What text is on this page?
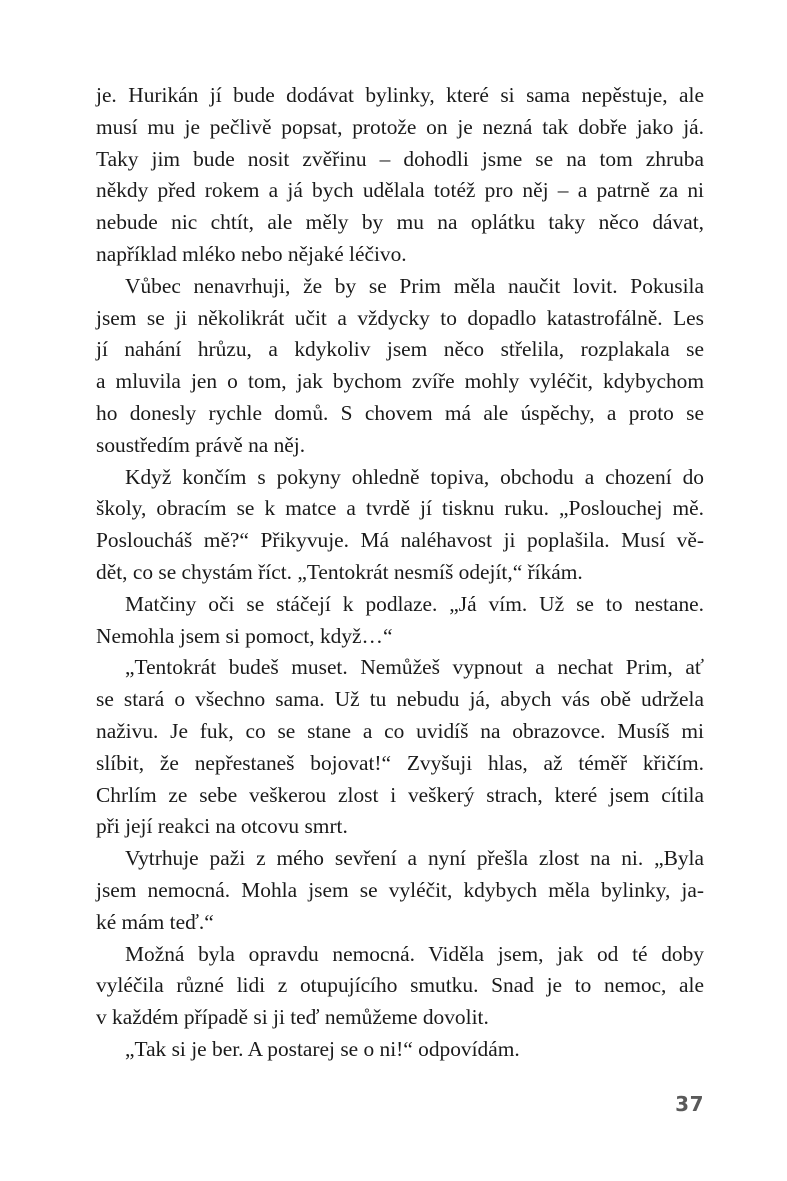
je. Hurikán jí bude dodávat bylinky, které si sama nepěstuje, ale
musí mu je pečlivě popsat, protože on je nezná tak dobře jako já.
Taky jim bude nosit zvěřinu – dohodli jsme se na tom zhruba
někdy před rokem a já bych udělala totéž pro něj – a patrně za ni
nebude nic chtít, ale měly by mu na oplátku taky něco dávat,
například mléko nebo nějaké léčivo.

Vůbec nenavrhuji, že by se Prim měla naučit lovit. Pokusila
jsem se ji několikrát učit a vždycky to dopadlo katastrofálně. Les
jí nahání hrůzu, a kdykoliv jsem něco střelila, rozplakala se
a mluvila jen o tom, jak bychom zvíře mohly vyléčit, kdybychom
ho donesly rychle domů. S chovem má ale úspěchy, a proto se
soustředím právě na něj.

Když končím s pokyny ohledně topiva, obchodu a chození do
školy, obracím se k matce a tvrdě jí tisknu ruku. „Poslouchej mě.
Posloucháš mě?“ Přikyvuje. Má naléhavost ji poplašila. Musí vě-
dět, co se chystám říct. „Tentokrát nesmíš odejít,“ říkám.

Matčiny oči se stáčejí k podlaze. „Já vím. Už se to nestane.
Nemohla jsem si pomoct, když…“

„Tentokrát budeš muset. Nemůžeš vypnout a nechat Prim, ať
se stará o všechno sama. Už tu nebudu já, abych vás obě udržela
naživu. Je fuk, co se stane a co uvidíš na obrazovce. Musíš mi
slíbit, že nepřestaneš bojovat!“ Zvyšuji hlas, až téměř křičím.
Chrlím ze sebe veškerou zlost i veškerý strach, které jsem cítila
při její reakci na otcovu smrt.

Vytrhuje paži z mého sevření a nyní přešla zlost na ni. „Byla
jsem nemocná. Mohla jsem se vyléčit, kdybych měla bylinky, ja-
ké mám teď.“

Možná byla opravdu nemocná. Viděla jsem, jak od té doby
vyléčila různé lidi z otupujícího smutku. Snad je to nemoc, ale
v každém případě si ji teď nemůžeme dovolit.

„Tak si je ber. A postarej se o ni!“ odpovídám.

37
